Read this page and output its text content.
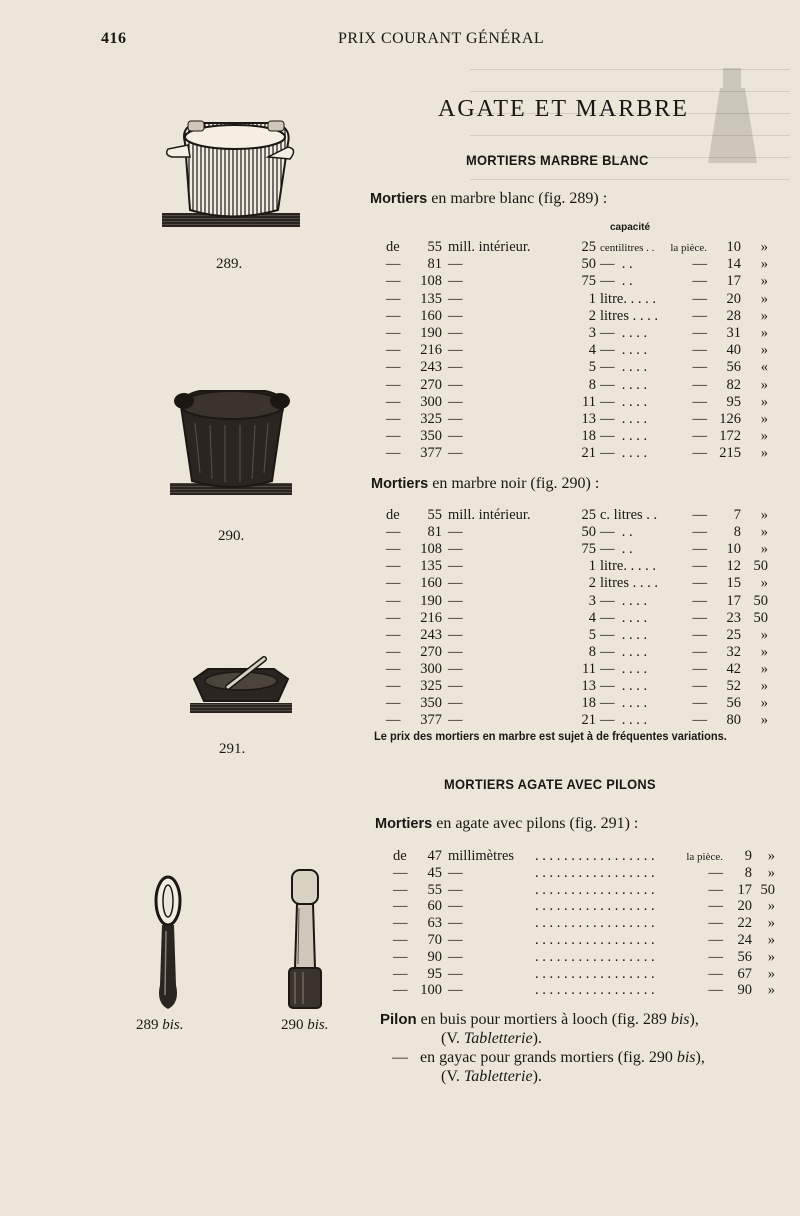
416	PRIX COURANT GÉNÉRAL
AGATE ET MARBRE
MORTIERS MARBRE BLANC
Mortiers en marbre blanc (fig. 289) :
capacité
de 55 mill. intérieur.	25 centilitres . . la pièce. 10 »
— 81 —	50 —  . .	— 14 »
— 108 —	75 —  . .	— 17 »
— 135 —	1 litre. . . . .	— 20 »
— 160 —	2 litres . . . . — 28 »
— 190 —	3 —  . . . .	— 31 »
— 216 —	4 —  . . . .	— 40 »
— 243 —	5 —  . . . .	— 56 «
— 270 —	8 —  . . . .	— 82 »
— 300 —	11 —  . . . .	— 95 »
— 325 —	13 —  . . . .	— 126 »
— 350 —	18 —  . . . .	— 172 »
— 377 —	21 —  . . . .	— 215 »
Mortiers en marbre noir (fig. 290) :
de 55 mill. intérieur.	25 c. litres . . — 7 »
— 81 —	50 —  . .	— 8 »
— 108 —	75 —  . .	— 10 »
— 135 —	1 litre. . . . .	— 12 50
— 160 —	2 litres . . . . — 15 »
— 190 —	3 —  . . . .	— 17 50
— 216 —	4 —  . . . .	— 23 50
— 243 —	5 —  . . . .	— 25 »
— 270 —	8 —  . . . .	— 32 »
— 300 —	11 —  . . . .	— 42 »
— 325 —	13 —  . . . .	— 52 »
— 350 —	18 —  . . . .	— 56 »
— 377 —	21 —  . . . .	— 80 »
Le prix des mortiers en marbre est sujet à de fréquentes variations.
MORTIERS AGATE AVEC PILONS
Mortiers en agate avec pilons (fig. 291) :
de 47 millimètres . . . . . . . . . . . . . . . . .	la pièce. 9 »
— 45 —	. . . . . . . . . . . . . . . . .	— 8 »
— 55 —	. . . . . . . . . . . . . . . . .	— 17 50
— 60 —	. . . . . . . . . . . . . . . . .	— 20 »
— 63 —	. . . . . . . . . . . . . . . . .	— 22 »
— 70 —	. . . . . . . . . . . . . . . . .	— 24 »
— 90 —	. . . . . . . . . . . . . . . . .	— 56 »
— 95 —	. . . . . . . . . . . . . . . . .	— 67 »
— 100 —	. . . . . . . . . . . . . . . . .	— 90 »
Pilon en buis pour mortiers à looch (fig. 289 bis),
(V. Tabletterie).
— en gayac pour grands mortiers (fig. 290 bis),
(V. Tabletterie).
289.
290.
291.
289 bis.	290 bis.
